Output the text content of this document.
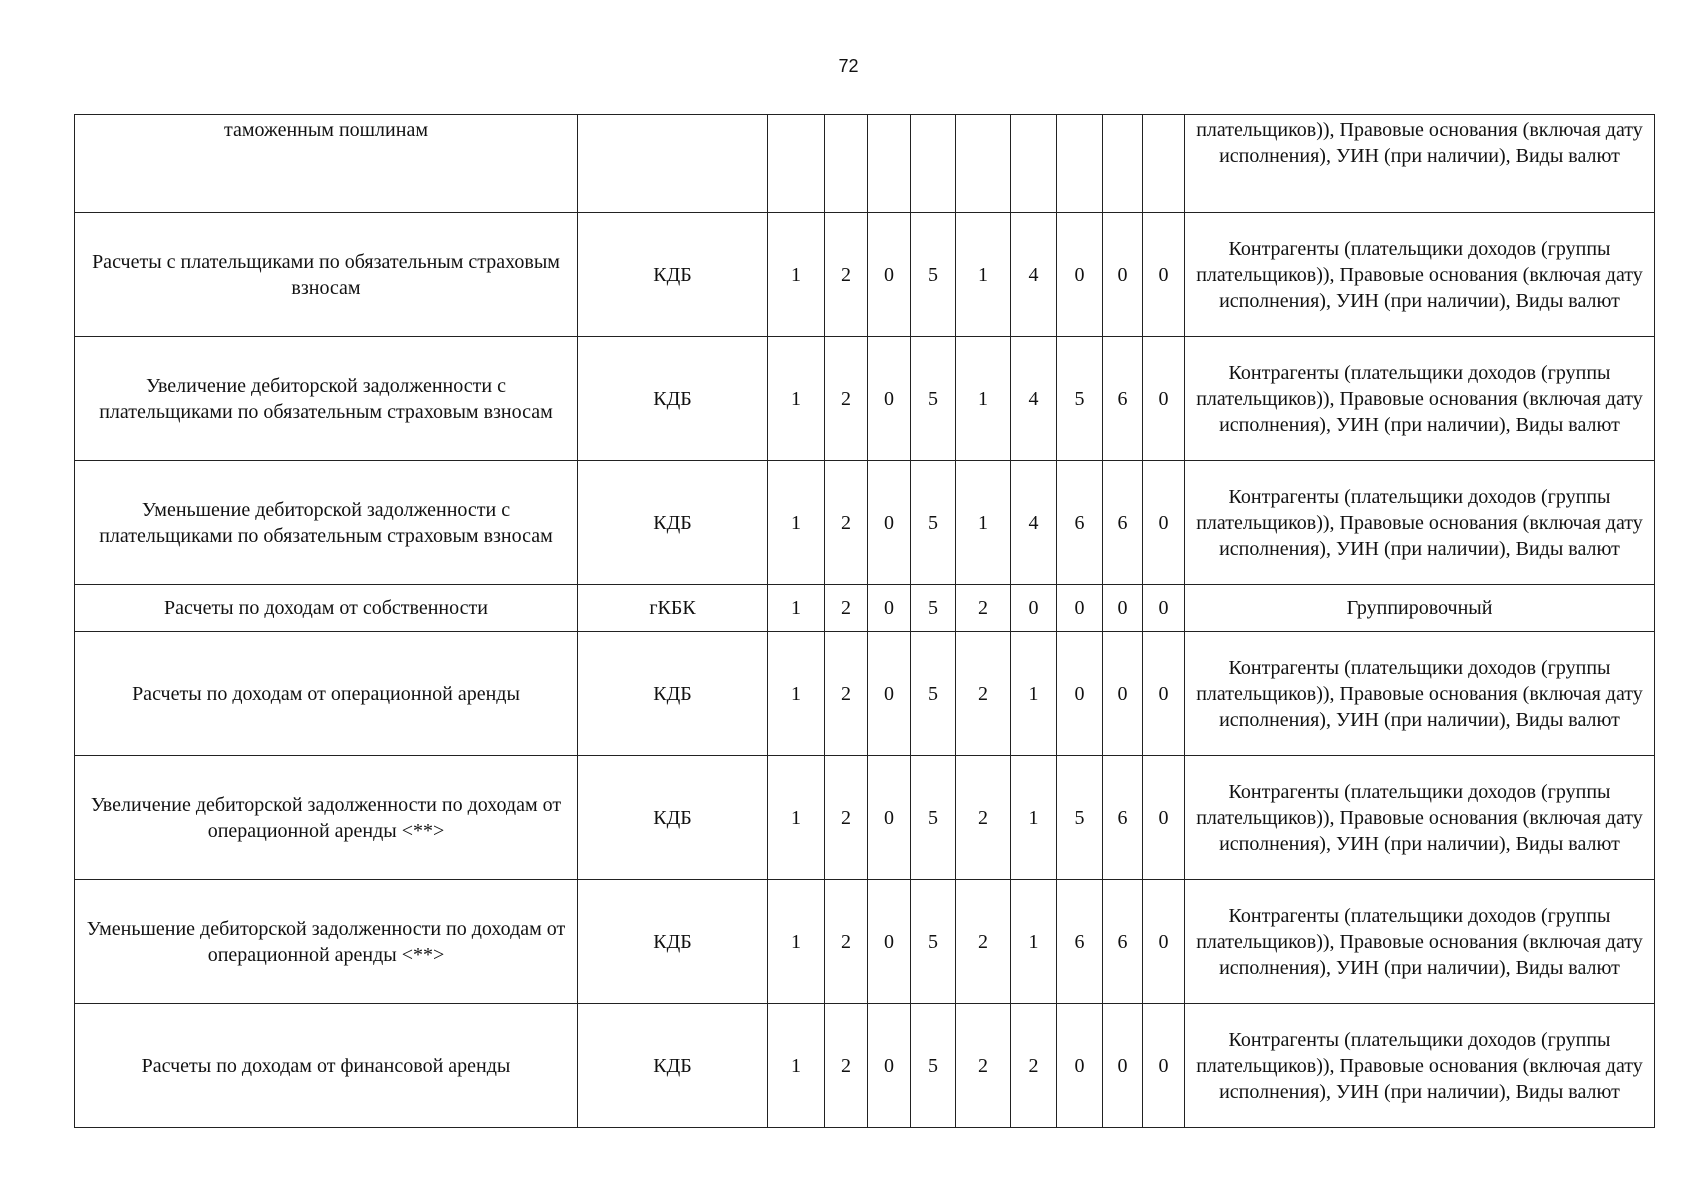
72
таможенным пошлинам											плательщиков)), Правовые основания (включая дату исполнения), УИН (при наличии), Виды валют
Расчеты с плательщиками по обязательным страховым взносам	КДБ	1	2	0	5	1	4	0	0	0	Контрагенты (плательщики доходов (группы плательщиков)), Правовые основания (включая дату исполнения), УИН (при наличии), Виды валют
Увеличение дебиторской задолженности с плательщиками по обязательным страховым взносам	КДБ	1	2	0	5	1	4	5	6	0	Контрагенты (плательщики доходов (группы плательщиков)), Правовые основания (включая дату исполнения), УИН (при наличии), Виды валют
Уменьшение дебиторской задолженности с плательщиками по обязательным страховым взносам	КДБ	1	2	0	5	1	4	6	6	0	Контрагенты (плательщики доходов (группы плательщиков)), Правовые основания (включая дату исполнения), УИН (при наличии), Виды валют
Расчеты по доходам от собственности	гКБК	1	2	0	5	2	0	0	0	0	Группировочный
Расчеты по доходам от операционной аренды	КДБ	1	2	0	5	2	1	0	0	0	Контрагенты (плательщики доходов (группы плательщиков)), Правовые основания (включая дату исполнения), УИН (при наличии), Виды валют
Увеличение дебиторской задолженности по доходам от операционной аренды <**>	КДБ	1	2	0	5	2	1	5	6	0	Контрагенты (плательщики доходов (группы плательщиков)), Правовые основания (включая дату исполнения), УИН (при наличии), Виды валют
Уменьшение дебиторской задолженности по доходам от операционной аренды <**>	КДБ	1	2	0	5	2	1	6	6	0	Контрагенты (плательщики доходов (группы плательщиков)), Правовые основания (включая дату исполнения), УИН (при наличии), Виды валют
Расчеты по доходам от финансовой аренды	КДБ	1	2	0	5	2	2	0	0	0	Контрагенты (плательщики доходов (группы плательщиков)), Правовые основания (включая дату исполнения), УИН (при наличии), Виды валют
